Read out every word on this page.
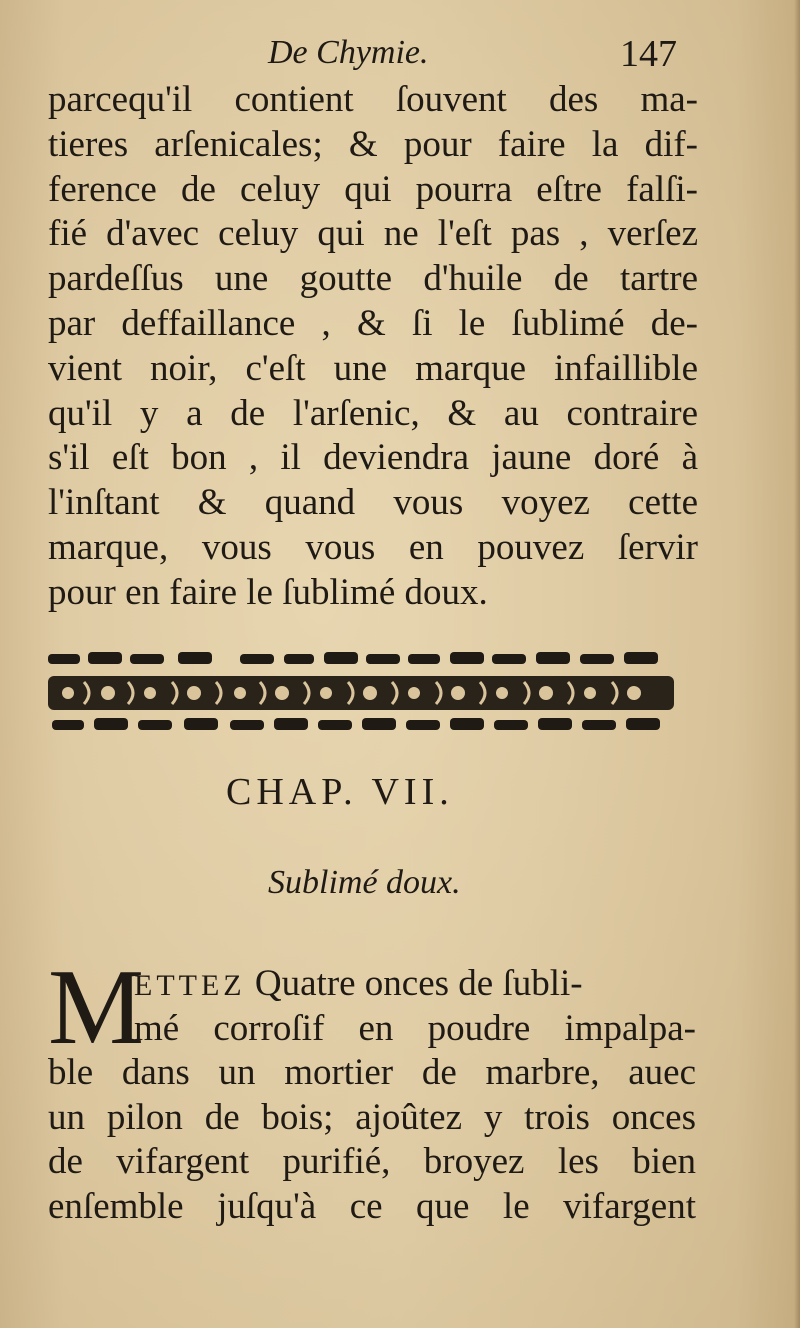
De Chymie.	147
parcequ'il contient ſouvent des ma-
tieres arſenicales; & pour faire la dif-
ference de celuy qui pourra eſtre falſi-
fié d'avec celuy qui ne l'eſt pas , verſez
pardeſſus une goutte d'huile de tartre
par deffaillance , & ſi le ſublimé de-
vient noir, c'eſt une marque infaillible
qu'il y a de l'arſenic, & au contraire
s'il eſt bon , il deviendra jaune doré à
l'inſtant & quand vous voyez cette
marque, vous vous en pouvez ſervir
pour en faire le ſublimé doux.
CHAP. VII.
Sublimé doux.
M
ETTEZ Quatre onces de ſubli-
mé corroſif en poudre impalpa-
ble dans un mortier de marbre, auec
un pilon de bois; ajoûtez y trois onces
de vifargent purifié, broyez les bien
enſemble juſqu'à ce que le vifargent
